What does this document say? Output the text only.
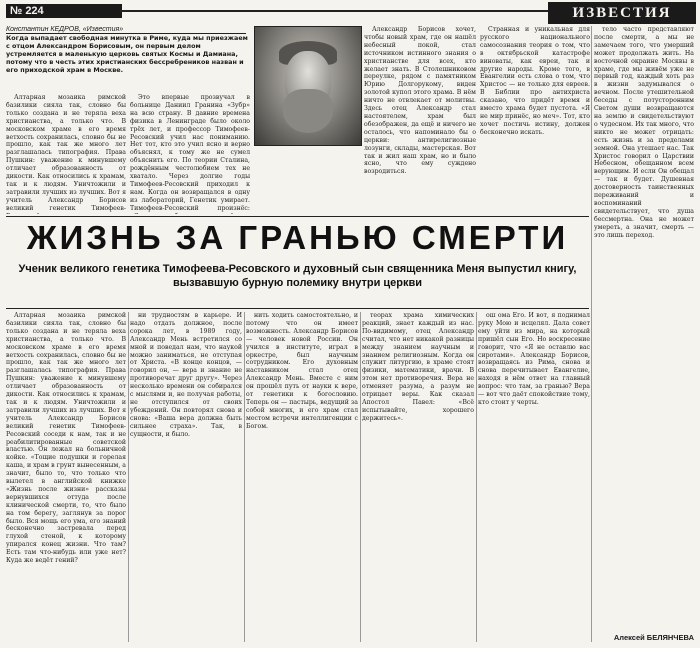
№ 224	ИЗВЕСТИЯ
Константин КЕДРОВ, «Известия»
Когда выпадает свободная минутка в Риме, куда мы приезжаем с отцом Александром Борисовым, он первым делом устремляется в маленькую церковь святых Космы и Дамиана, потому что в честь этих христианских бессребреников назван и его приходской храм в Москве.

Алтарная мозаика римской базилики сияла так, словно бы только создана и не теряла веха христианства, а только что. В московском храме в его время ветхость сохранилась, словно бы не прошло, как так же много лет разглашалась типография. Права Пушкин: уважение к минувшему отличает образованность от дикости. Как относились к храмам, так и к людям. Уничтожили и затравили лучших из лучших. Вот я учитель Александр Борисов великий генетик Тимофеев-

Это впервые прозвучал в больнице Даниил Гранина «Зубр» на всю страну. В давние времена физика в Ленинграде было около трёх лет, и профессор Тимофеев-Ресовский учил нас пониманию. Нет тот, кто это учил ясно и верно объяснял, к тому же не сумел объяснить его. По теории Сталина, рождённым честолюбием тех не хватало. Через долгие годы Тимофеев-Ресовский приходил к нам. Когда он возвращался в одну из лабораторий, Генетик умирает. Тимофеев-Ресовский произнёс:

Александр Борисов хочет, чтобы новый храм, где он нашёл небесный покой, стал источником истинного знания о христианстве для всех, кто желает знать. В Столешниковом переулке, рядом с памятником Юрию Долгорукому, виден золотой купол этого храма. В нём ничто не отвлекает от молитвы. Здесь отец Александр стал настоятелем, храм был обезображен, да ещё и ничего не осталось, что напоминало бы о церкви: антирелигиозные лозунги, склады, мастерская. Вот так и жил наш храм, но и было ясно, что ему суждено возродиться.

Странная и уникальная для русского национального самосознания теория о том, что в октябрьской катастрофе виноваты, как евреи, так и другие народы. Кроме того, в Евангелии есть слова о том, что Христос — не только для евреев. В Библии про антихриста сказано, что придёт время и вместо храма будет пустота. «Я не мир принёс, но меч». Тот, кто хочет постичь истину, должен бесконечно искать.

тело часто представляют после смерти, а мы не замечаем того, что умерший может продолжать жить. На восточной окраине Москвы в храме, где мы живём уже не первый год, каждый хоть раз в жизни задумывался о вечном. После утешительной беседы с потусторонним Светом души возвращаются на землю и свидетельствуют о чудесном. Их так много, что никто не может отрицать: есть жизнь и за пределами земной. Она утешает нас. Так Христос говорил о Царствии Небесном, обещанном всем верующим. И если Он обещал — так и будет. Душевная достоверность таинственных переживаний и воспоминаний свидетельствует, что душа бессмертна. Она не может умереть, а значит, смерть — это лишь переход.

ЖИЗНЬ ЗА ГРАНЬЮ СМЕРТИ
Ученик великого генетика Тимофеева-Ресовского и духовный сын священника Меня выпустил книгу, вызвавшую бурную полемику внутри церкви

Алтарная мозаика римской базилики сияла так, словно бы только создана и не теряла веха христианства, а только что. В московском храме в его время ветхость сохранилась, словно бы не прошло, как так же много лет разглашалась типография. Права Пушкин: уважение к минувшему отличает образованность от дикости. Как относились к храмам, так и к людям. Уничтожили и затравили лучших из лучших. Вот я учитель Александр Борисов великий генетик Тимофеев-Ресовский соседи к нам, так и не реабилитированные советской властью. Он лежал на больничной койке. «Тощие подушки и горелая каша, и храм в грунт вынесенным, а значит, было то, что только что вылетел в английской книжке «Жизнь после жизни» рассказы вернувшихся оттуда после клинической смерти, то, что было на том берегу, заглянув за порог было. Вся мощь его ума, его знаний бесконечно застревала перед глухой стеной, к которому упирался конец жизни. Что там? Есть там что-нибудь или уже нет? Куда же ведёт гений?

ни трудностям в карьере. И надо отдать должное, после сорока лет, в 1989 году, Александр Мень встретился со мной и поведал нам, что наукой можно заниматься, не отступая от Христа. «В конце концов, — говорил он, — вера и знание не противоречат друг другу». Через несколько времени он собирался с мыслями и, не получая работы, не отступился от своих убеждений. Он повторял снова и снова: «Ваша вера должна быть сильнее страха». Так, в сущности, и было.

нить ходить самостоятельно, и потому что он имеет возможность. Александр Борисов — человек новой России. Он учился в институте, играл в оркестре, был научным сотрудником. Его духовным наставником стал отец Александр Мень. Вместе с ним он прошёл путь от науки к вере, от генетики к богословию. Теперь он — пастырь, ведущий за собой многих, и его храм стал местом встречи интеллигенции с Богом.

теорах храма химических реакций, знает каждый из нас. По-видимому, отец Александр считал, что нет никакой разницы между знанием научным и знанием религиозным. Когда он служит литургию, в храме стоят физики, математики, врачи. В этом нет противоречия. Вера не отменяет разума, а разум не отрицает веры. Как сказал Апостол Павел: «Всё испытывайте, хорошего держитесь».

ош ома Его. И вот, я поднимал руку Мою и исцелял. Дала совет ему уйти из мира, на который пришёл сын Его. Но воскресение говорит, что «Я не оставлю вас сиротами». Александр Борисов, возвращаясь из Рима, снова и снова перечитывает Евангелие, находя в нём ответ на главный вопрос: что там, за гранью? Вера — вот что даёт спокойствие тому, кто стоит у черты.

Алексей БЕЛЯНЧЕВА
